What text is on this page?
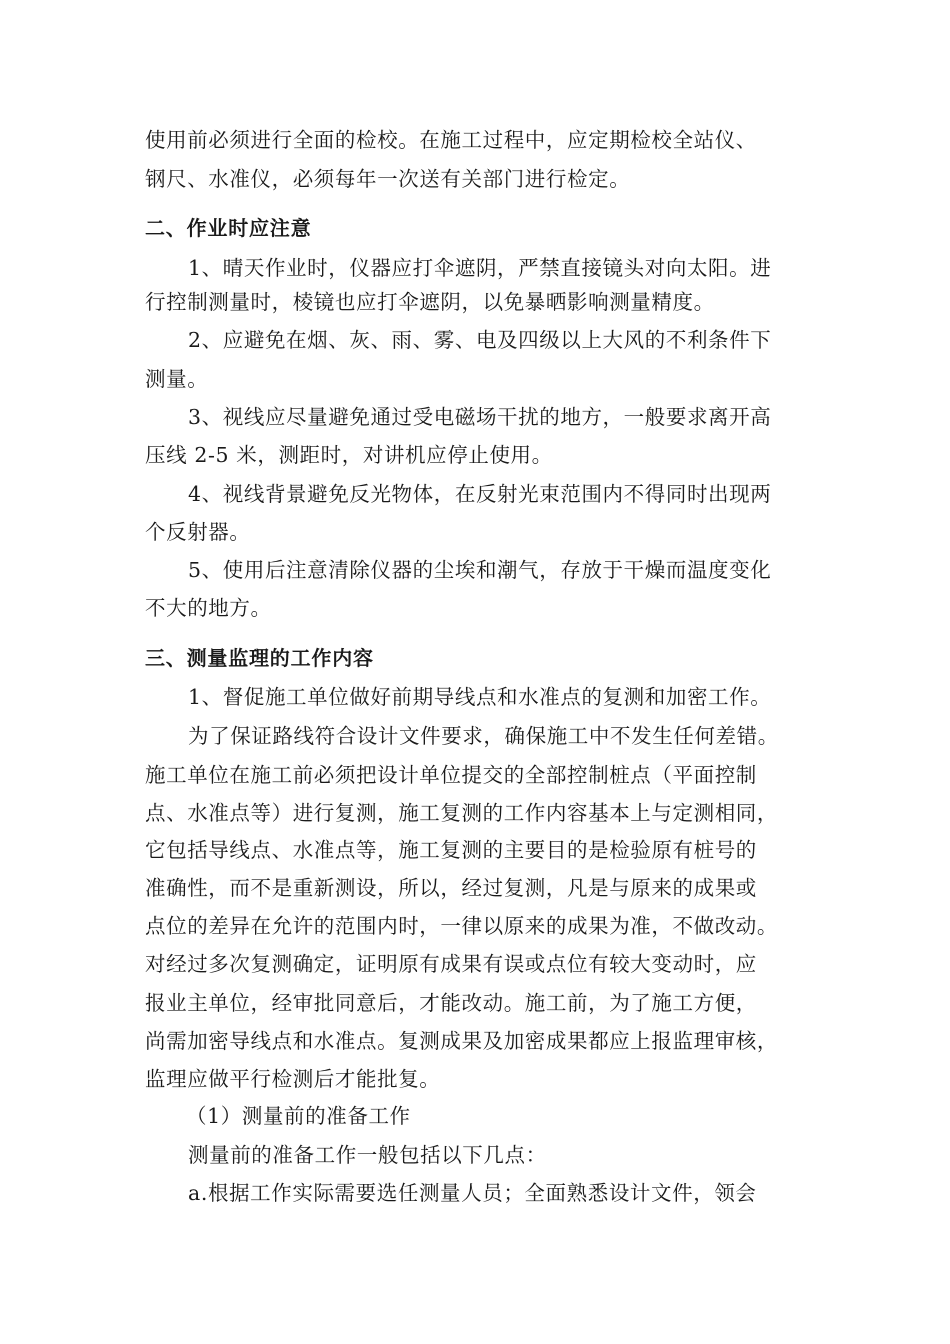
使用前必须进行全面的检校。在施工过程中，应定期检校全站仪、
钢尺、水准仪，必须每年一次送有关部门进行检定。
二、作业时应注意
1、晴天作业时，仪器应打伞遮阴，严禁直接镜头对向太阳。进
行控制测量时，棱镜也应打伞遮阴，以免暴晒影响测量精度。
2、应避免在烟、灰、雨、雾、电及四级以上大风的不利条件下
测量。
3、视线应尽量避免通过受电磁场干扰的地方，一般要求离开高
压线 2-5 米，测距时，对讲机应停止使用。
4、视线背景避免反光物体，在反射光束范围内不得同时出现两
个反射器。
5、使用后注意清除仪器的尘埃和潮气，存放于干燥而温度变化
不大的地方。
三、测量监理的工作内容
1、督促施工单位做好前期导线点和水准点的复测和加密工作。
为了保证路线符合设计文件要求，确保施工中不发生任何差错。
施工单位在施工前必须把设计单位提交的全部控制桩点（平面控制
点、水准点等）进行复测，施工复测的工作内容基本上与定测相同，
它包括导线点、水准点等，施工复测的主要目的是检验原有桩号的
准确性，而不是重新测设，所以，经过复测，凡是与原来的成果或
点位的差异在允许的范围内时，一律以原来的成果为准，不做改动。
对经过多次复测确定，证明原有成果有误或点位有较大变动时，应
报业主单位，经审批同意后，才能改动。施工前，为了施工方便，
尚需加密导线点和水准点。复测成果及加密成果都应上报监理审核，
监理应做平行检测后才能批复。
（1）测量前的准备工作
测量前的准备工作一般包括以下几点：
a.根据工作实际需要选任测量人员；全面熟悉设计文件，领会
